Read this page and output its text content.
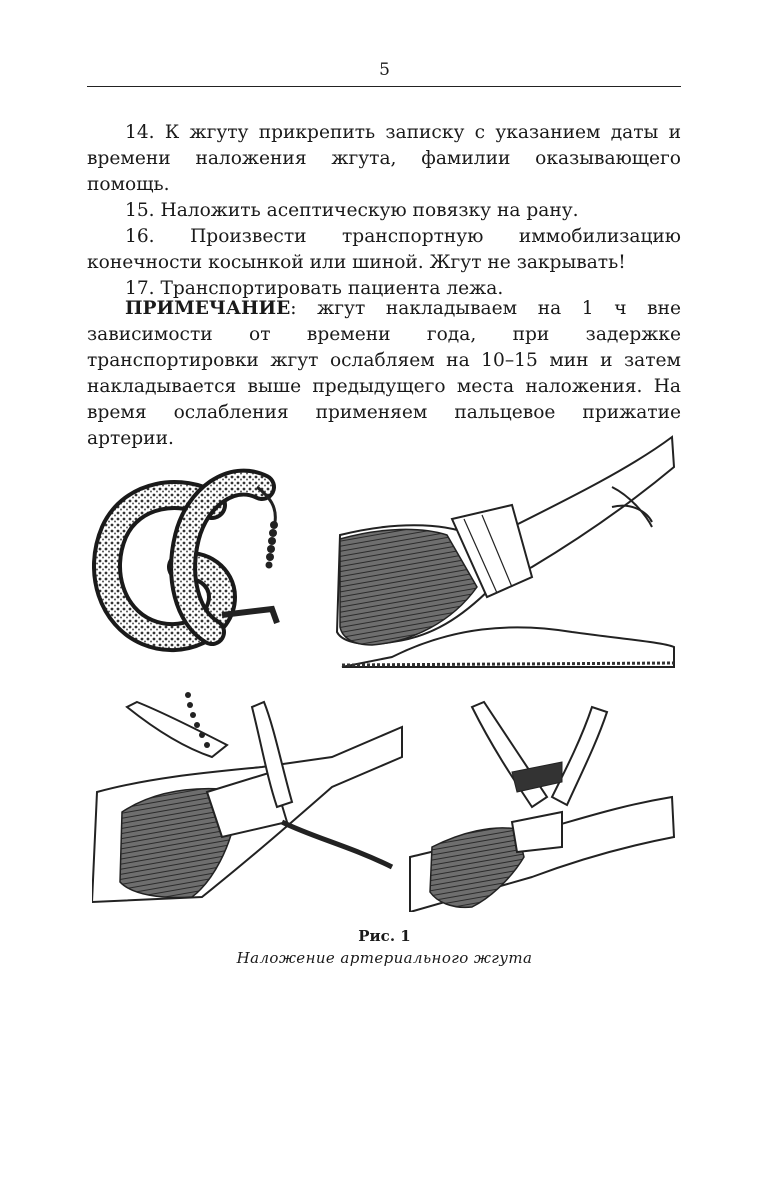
5

14. К жгуту прикрепить записку с указанием даты и времени наложения жгута, фамилии оказывающего помощь.

15. Наложить асептическую повязку на рану.

16. Произвести транспортную иммобилизацию конечности косынкой или шиной. Жгут не закрывать!

17. Транспортировать пациента лежа.

ПРИМЕЧАНИЕ: жгут накладываем на 1 ч вне зависимости от времени года, при задержке транспортировки жгут ослабляем на 10–15 мин и затем накладывается выше предыдущего места наложения. На время ослабления применяем пальцевое прижатие артерии.

Рис. 1
Наложение артериального жгута
